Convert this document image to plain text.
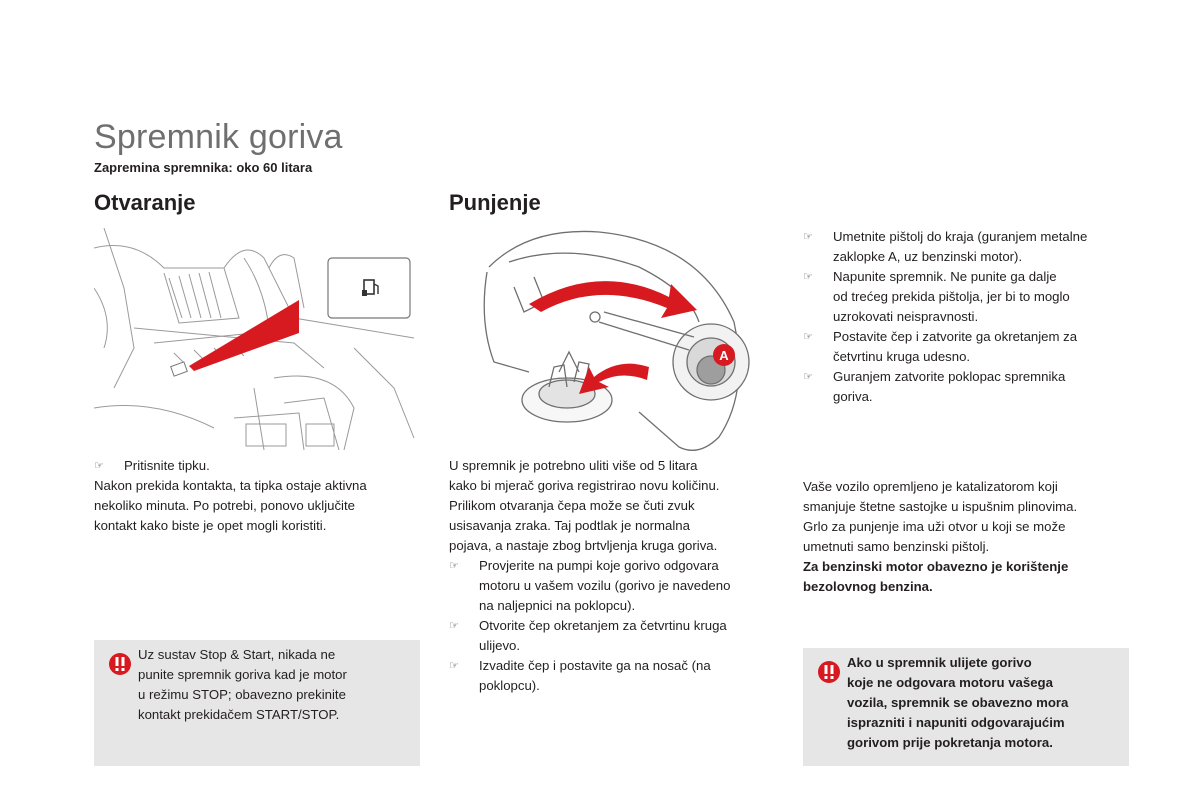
Spremnik goriva
Zapremina spremnika: oko 60 litara
Otvaranje
☞	Pritisnite tipku.
Nakon prekida kontakta, ta tipka ostaje aktivna
nekoliko minuta. Po potrebi, ponovo uključite
kontakt kako biste je opet mogli koristiti.
Uz sustav Stop & Start, nikada ne
punite spremnik goriva kad je motor
u režimu STOP; obavezno prekinite
kontakt prekidačem START/STOP.
Punjenje
A
U spremnik je potrebno uliti više od 5 litara
kako bi mjerač goriva registrirao novu količinu.
Prilikom otvaranja čepa može se čuti zvuk
usisavanja zraka. Taj podtlak je normalna
pojava, a nastaje zbog brtvljenja kruga goriva.
☞	Provjerite na pumpi koje gorivo odgovara
motoru u vašem vozilu (gorivo je navedeno
na naljepnici na poklopcu).
☞	Otvorite čep okretanjem za četvrtinu kruga
ulijevo.
☞	Izvadite čep i postavite ga na nosač (na
poklopcu).
☞	Umetnite pištolj do kraja (guranjem metalne
zaklopke A, uz benzinski motor).
☞	Napunite spremnik. Ne punite ga dalje
od trećeg prekida pištolja, jer bi to moglo
uzrokovati neispravnosti.
☞	Postavite čep i zatvorite ga okretanjem za
četvrtinu kruga udesno.
☞	Guranjem zatvorite poklopac spremnika
goriva.
Vaše vozilo opremljeno je katalizatorom koji
smanjuje štetne sastojke u ispušnim plinovima.
Grlo za punjenje ima uži otvor u koji se može
umetnuti samo benzinski pištolj.
Za benzinski motor obavezno je korištenje
bezolovnog benzina.
Ako u spremnik ulijete gorivo
koje ne odgovara motoru vašega
vozila, spremnik se obavezno mora
isprazniti i napuniti odgovarajućim
gorivom prije pokretanja motora.
